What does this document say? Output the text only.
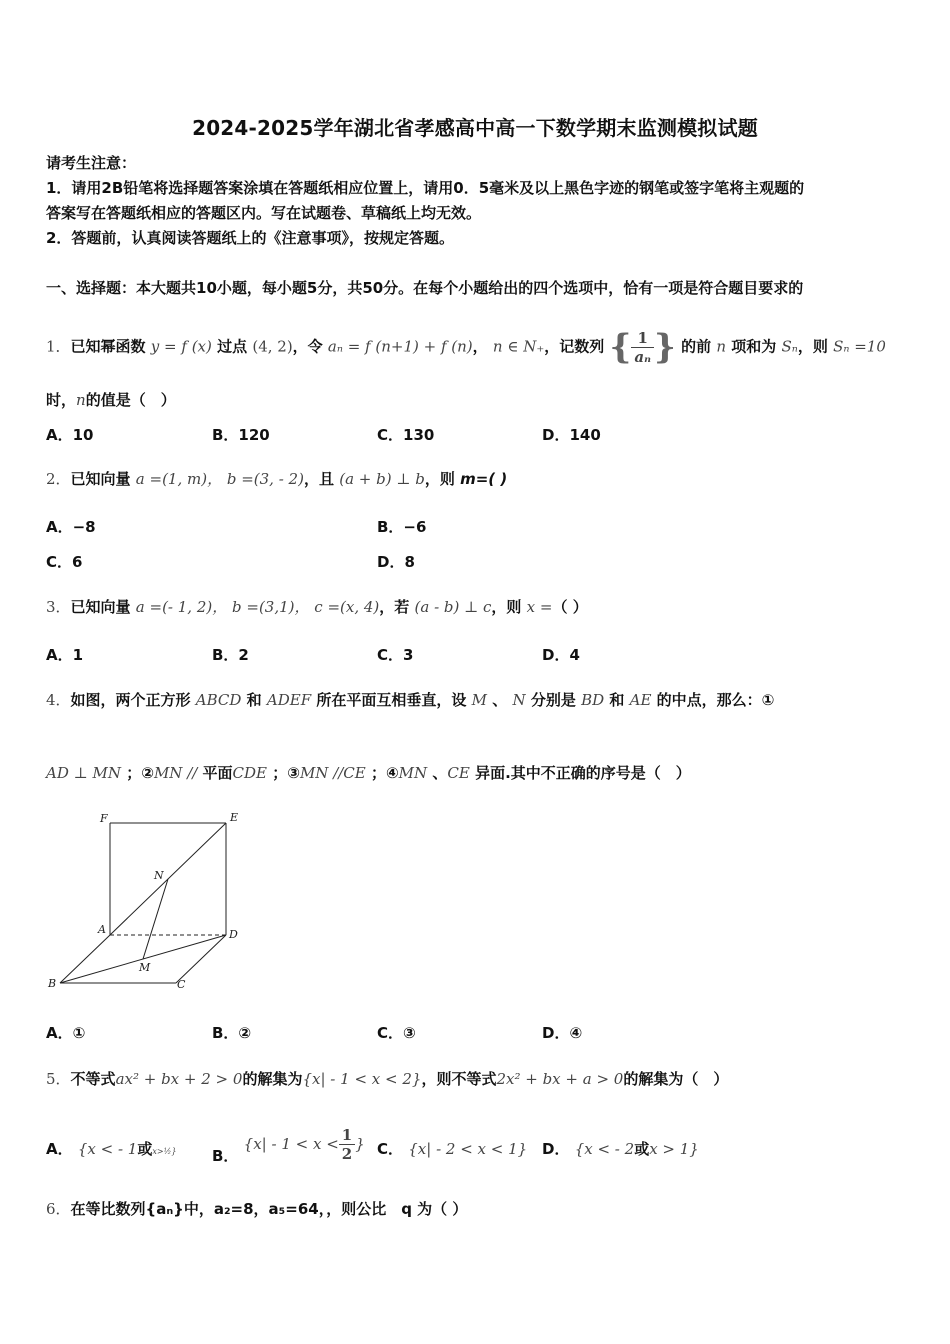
2024-2025学年湖北省孝感高中高一下数学期末监测模拟试题
请考生注意：
1．请用2B铅笔将选择题答案涂填在答题纸相应位置上，请用0．5毫米及以上黑色字迹的钢笔或签字笔将主观题的
答案写在答题纸相应的答题区内。写在试题卷、草稿纸上均无效。
2．答题前，认真阅读答题纸上的《注意事项》，按规定答题。
一、选择题：本大题共10小题，每小题5分，共50分。在每个小题给出的四个选项中，恰有一项是符合题目要求的
1．已知幂函数 y = f (x) 过点 (4, 2)，令 aₙ = f (n+1) + f (n)， n ∈ N₊，记数列 { $\frac{1}{\text{aₙ}}$ } 的前 n 项和为 Sₙ，则 Sₙ =10
时，n的值是（　）
A．10	B．120	C．130	D．140
2．已知向量 a =(1, m)， b =(3, - 2)，且 (a + b) ⊥ b，则 m=( )
A．−8	B．−6
C．6	D．8
3．已知向量 a =(- 1, 2)， b =(3,1)， c =(x, 4)，若 (a - b) ⊥ c，则 x =（ ）
A．1	B．2	C．3	D．4
4．如图，两个正方形 ABCD 和 ADEF 所在平面互相垂直，设 M 、 N 分别是 BD 和 AE 的中点，那么：①
AD ⊥ MN ；②MN // 平面CDE ；③MN //CE ；④MN 、CE 异面.其中不正确的序号是（　）
F	E
N
A	D
M
B	C
A．①	B．②	C．③	D．④
5．不等式ax² + bx + 2 > 0的解集为{x| - 1 < x < 2}，则不等式2x² + bx + a > 0的解集为（　）
A． {x < - 1或x>½} B． {$x| - 1 < x < \frac{1}{2}$ } C． {x| - 2 < x < 1} D． {x < - 2或x > 1}
6．在等比数列{aₙ}中，a₂=8，a₅=64，，则公比　q 为（ ）
